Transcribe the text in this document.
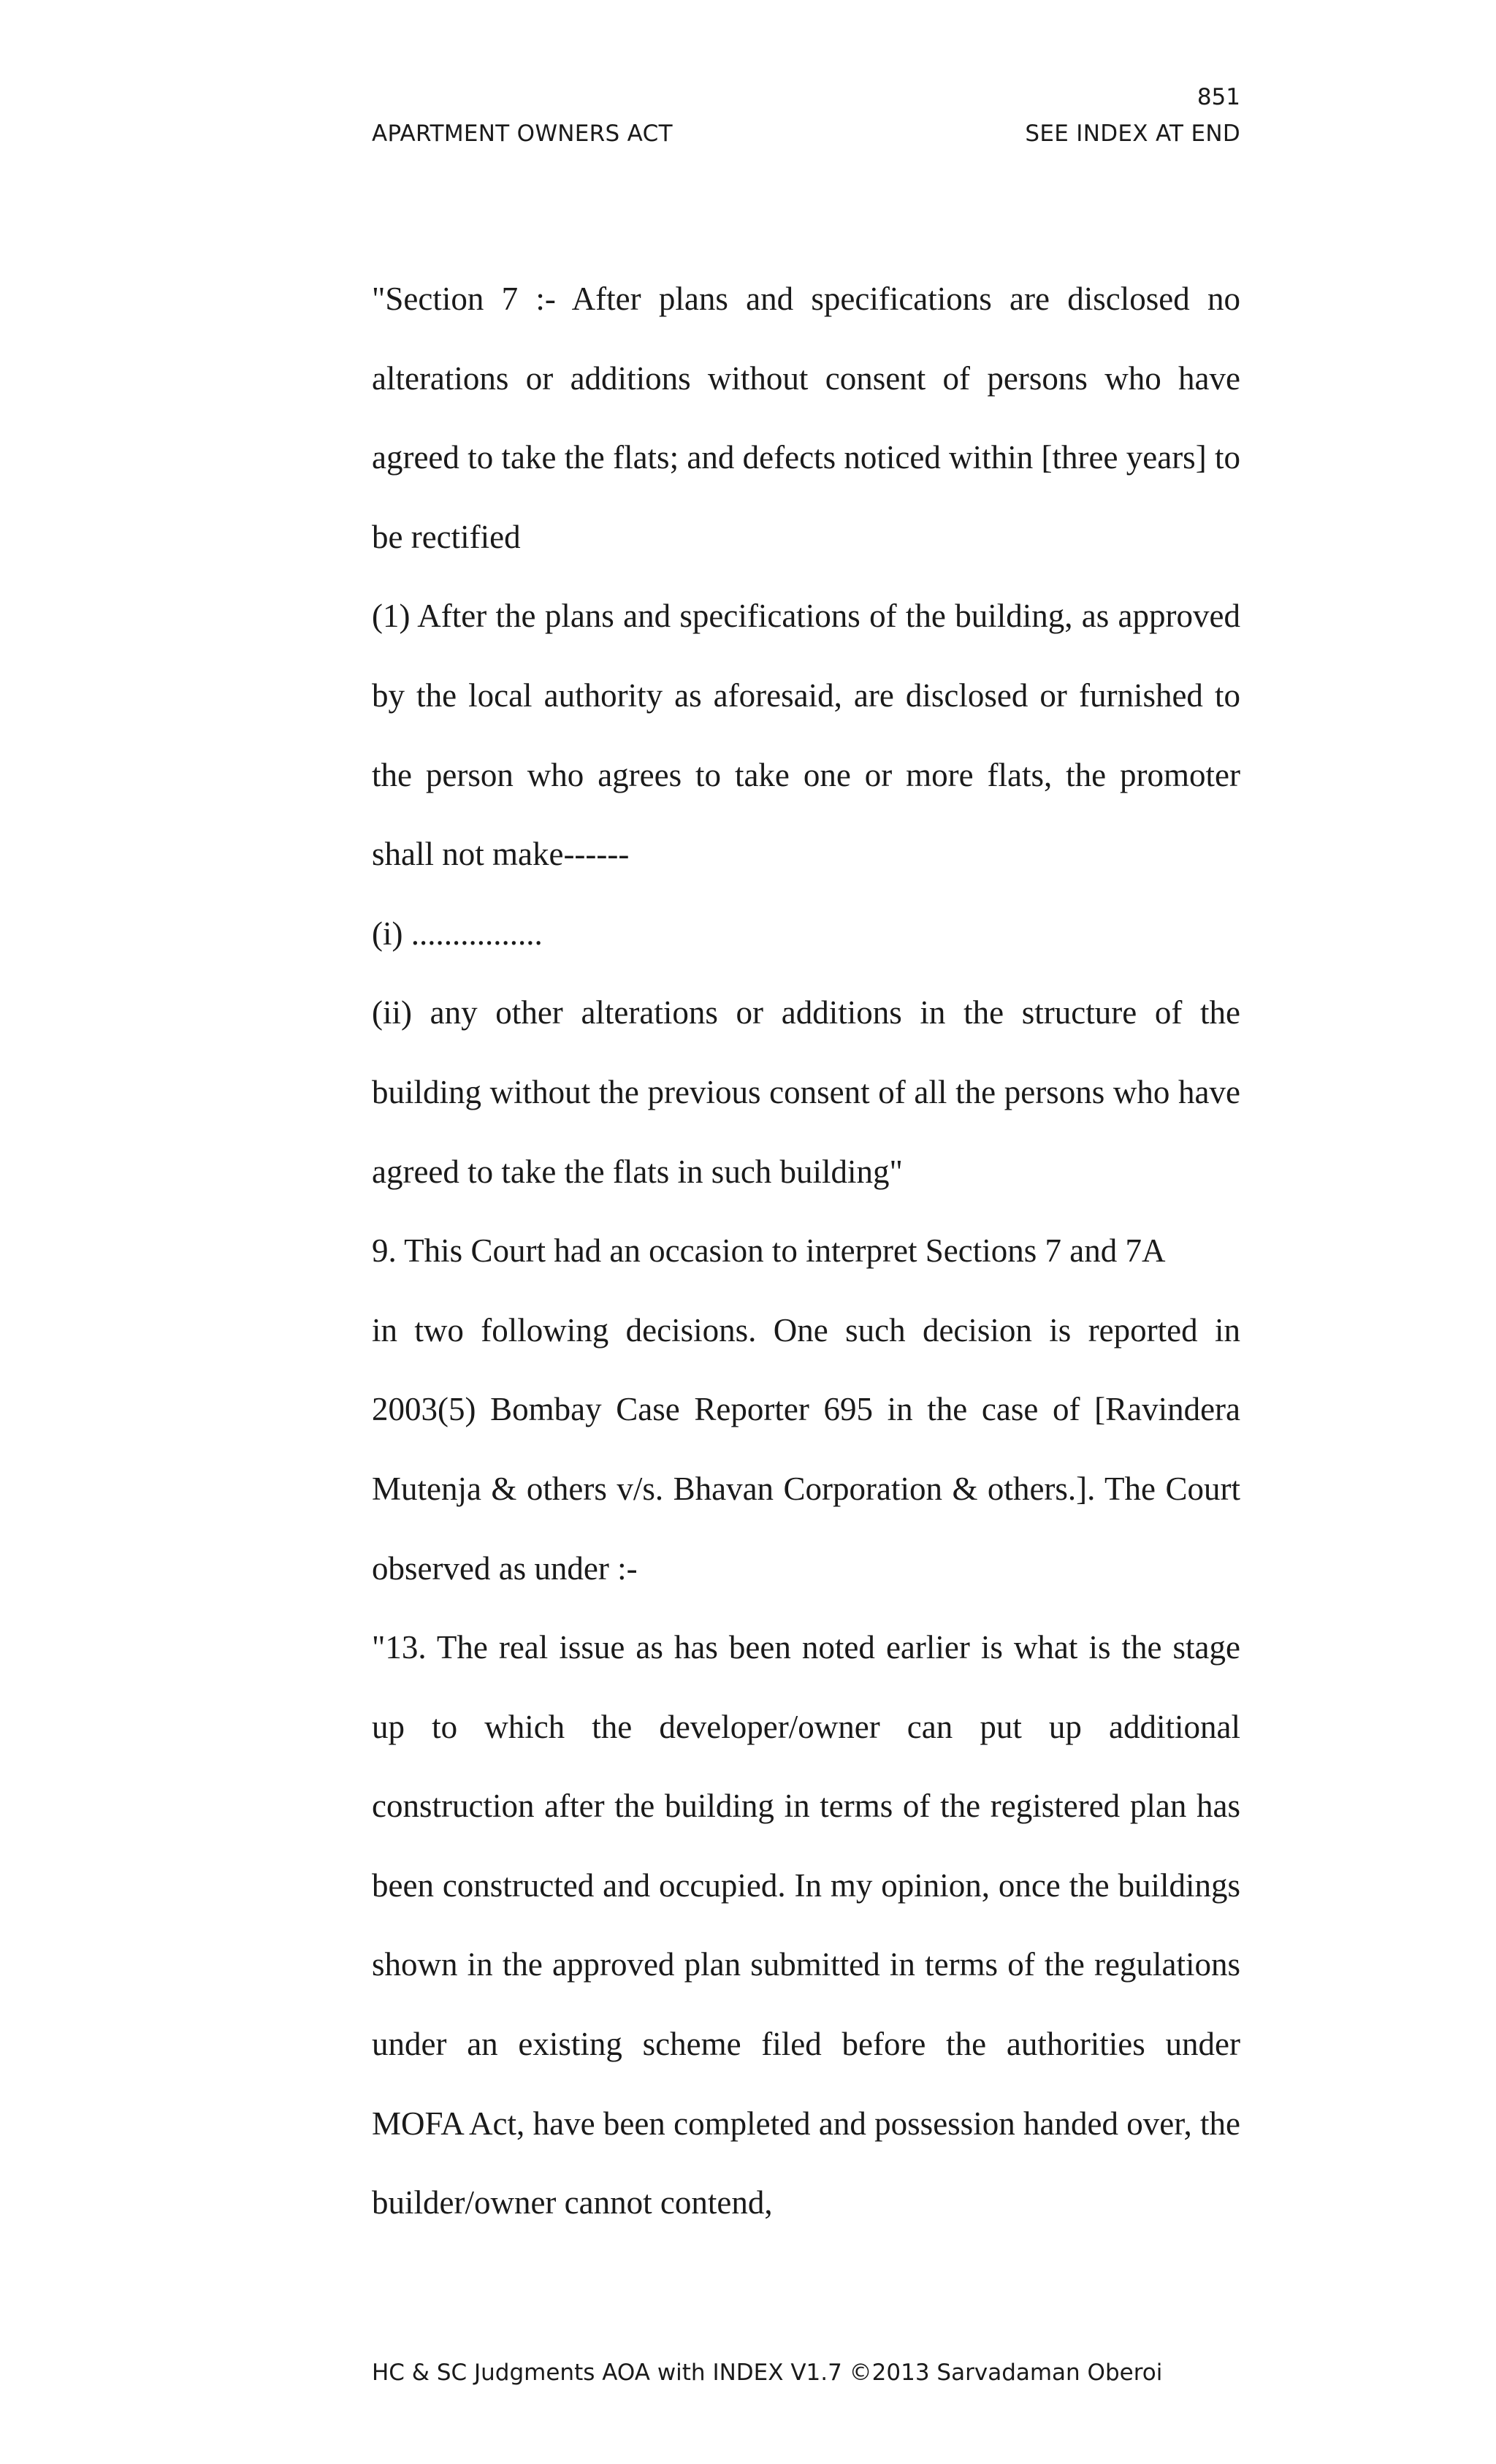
851
APARTMENT OWNERS ACT	SEE INDEX AT END

"Section 7 :- After plans and specifications are disclosed no alterations or additions without consent of persons who have agreed to take the flats; and defects noticed within [three years] to be rectified

(1) After the plans and specifications of the building, as approved by the local authority as aforesaid, are disclosed or furnished to the person who agrees to take one or more flats, the promoter shall not make------

(i) ................

(ii) any other alterations or additions in the structure of the building without the previous consent of all the persons who have agreed to take the flats in such building"

9. This Court had an occasion to interpret Sections 7 and 7A

in two following decisions. One such decision is reported in 2003(5) Bombay Case Reporter 695 in the case of [Ravindera Mutenja & others v/s. Bhavan Corporation & others.]. The Court observed as under :-

"13. The real issue as has been noted earlier is what is the stage up to which the developer/owner can put up additional construction after the building in terms of the registered plan has been constructed and occupied. In my opinion, once the buildings shown in the approved plan submitted in terms of the regulations under an existing scheme filed before the authorities under MOFA Act, have been completed and possession handed over, the builder/owner cannot contend,

HC & SC Judgments AOA with INDEX V1.7 ©2013 Sarvadaman Oberoi
